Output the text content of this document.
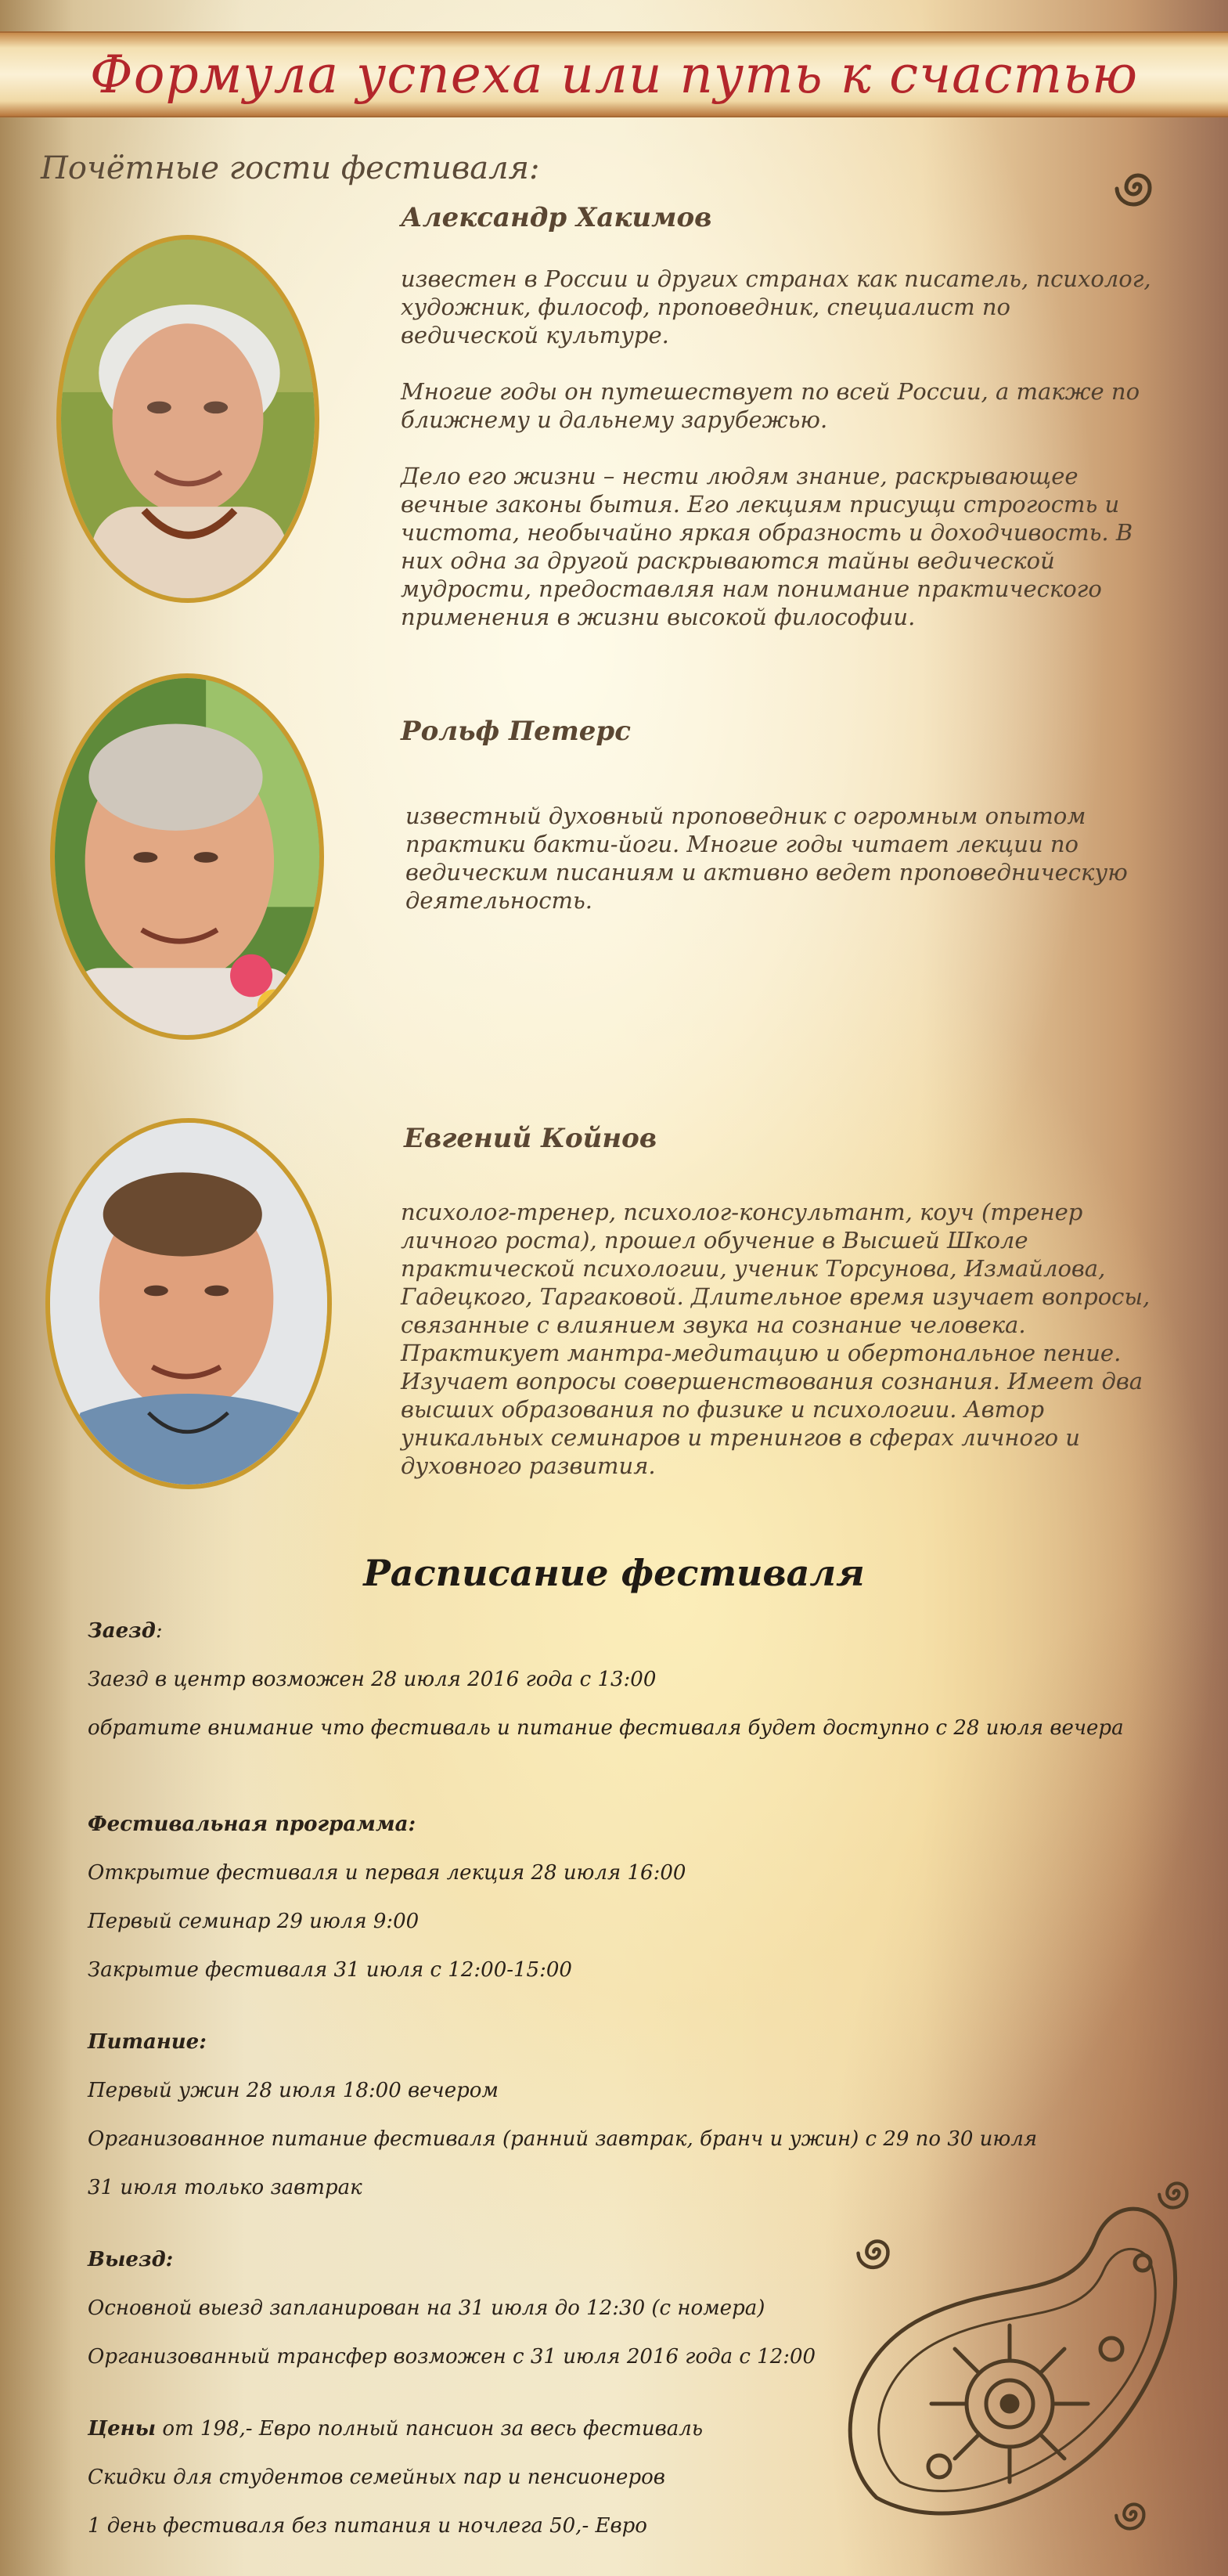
Формула успеха или путь к счастью
Почётные гости фестиваля:
Александр Хакимов

известен в России и других странах как писатель, психолог, художник, философ, проповедник, специалист по ведической культуре.

Многие годы он путешествует по всей России, а также по ближнему и дальнему зарубежью.

Дело его жизни – нести людям знание, раскрывающее вечные законы бытия. Его лекциям присущи строгость и чистота, необычайно яркая образность и доходчивость. В них одна за другой раскрываются тайны ведической мудрости, предоставляя нам понимание практического применения в жизни высокой философии.

Рольф Петерс

известный духовный проповедник с огромным опытом практики бакти-йоги. Многие годы читает лекции по ведическим писаниям и активно ведет проповедническую деятельность.

Евгений Койнов

психолог-тренер, психолог-консультант, коуч (тренер личного роста), прошел обучение в Высшей Школе практической психологии, ученик Торсунова, Измайлова, Гадецкого, Таргаковой. Длительное время изучает вопросы, связанные с влиянием звука на сознание человека. Практикует мантра-медитацию и обертональное пение. Изучает вопросы совершенствования сознания. Имеет два высших образования по физике и психологии. Автор уникальных семинаров и тренингов в сферах личного и духовного развития.

Расписание фестиваля
Заезд:
Заезд в центр возможен 28 июля 2016 года с 13:00
обратите внимание что фестиваль и питание фестиваля будет доступно с 28 июля вечера
Фестивальная программа:
Открытие фестиваля и первая лекция 28 июля 16:00
Первый семинар 29 июля 9:00
Закрытие фестиваля 31 июля с 12:00-15:00
Питание:
Первый ужин 28 июля 18:00 вечером
Организованное питание фестиваля (ранний завтрак, бранч и ужин) с 29 по 30 июля
31 июля только завтрак
Выезд:
Основной выезд запланирован на 31 июля до 12:30 (с номера)
Организованный трансфер возможен с 31 июля 2016 года с 12:00
Цены от 198,- Евро полный пансион за весь фестиваль
Скидки для студентов семейных пар и пенсионеров
1 день фестиваля без питания и ночлега 50,- Евро
